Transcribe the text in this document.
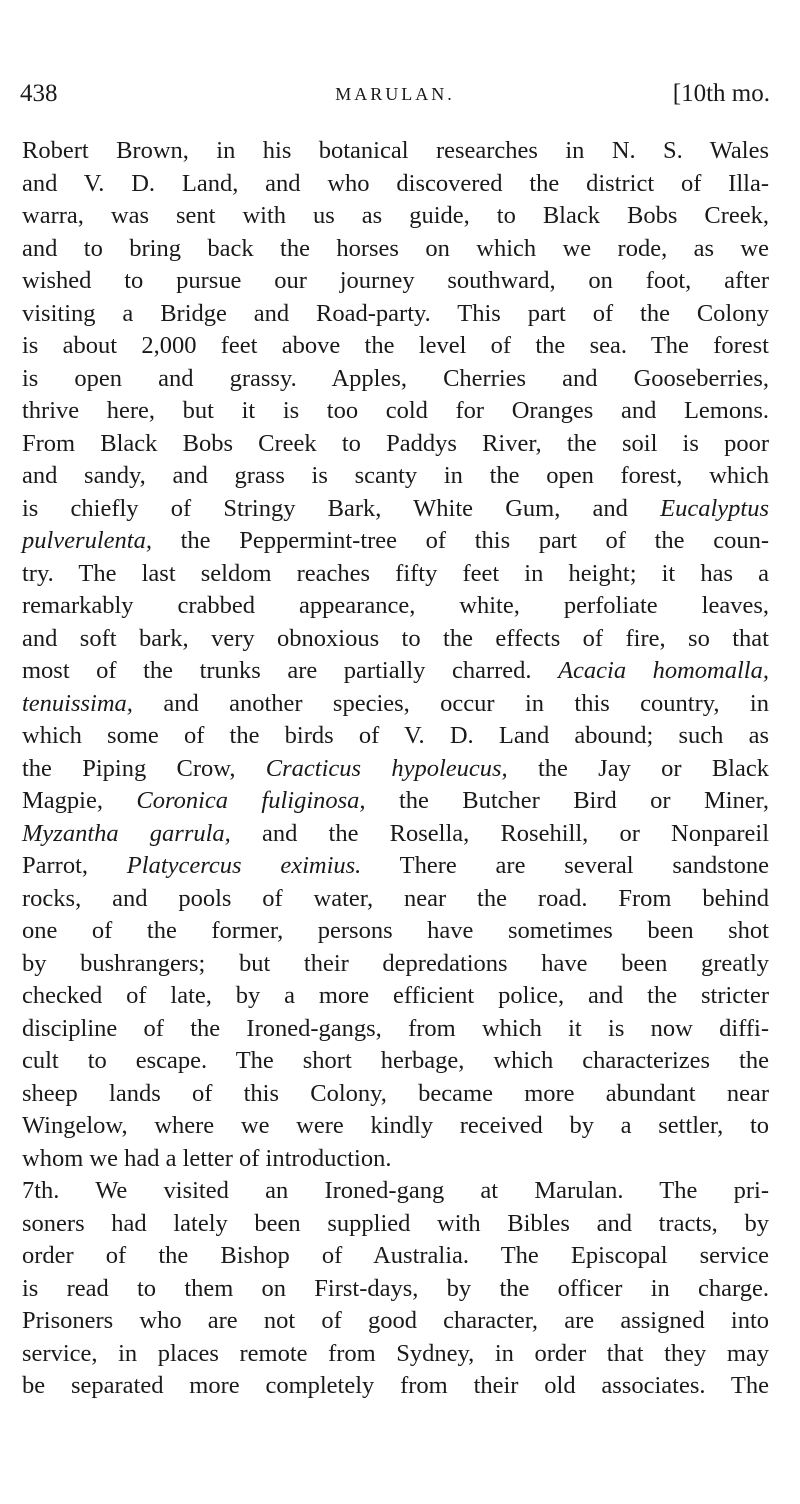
438	MARULAN.	[10th mo.
Robert Brown, in his botanical researches in N. S. Wales
and V. D. Land, and who discovered the district of Illa-
warra, was sent with us as guide, to Black Bobs Creek,
and to bring back the horses on which we rode, as we
wished to pursue our journey southward, on foot, after
visiting a Bridge and Road-party. This part of the Colony
is about 2,000 feet above the level of the sea. The forest
is open and grassy. Apples, Cherries and Gooseberries,
thrive here, but it is too cold for Oranges and Lemons.
From Black Bobs Creek to Paddys River, the soil is poor
and sandy, and grass is scanty in the open forest, which
is chiefly of Stringy Bark, White Gum, and Eucalyptus
pulverulenta, the Peppermint-tree of this part of the coun-
try. The last seldom reaches fifty feet in height; it has a
remarkably crabbed appearance, white, perfoliate leaves,
and soft bark, very obnoxious to the effects of fire, so that
most of the trunks are partially charred. Acacia homomalla,
tenuissima, and another species, occur in this country, in
which some of the birds of V. D. Land abound; such as
the Piping Crow, Cracticus hypoleucus, the Jay or Black
Magpie, Coronica fuliginosa, the Butcher Bird or Miner,
Myzantha garrula, and the Rosella, Rosehill, or Nonpareil
Parrot, Platycercus eximius. There are several sandstone
rocks, and pools of water, near the road. From behind
one of the former, persons have sometimes been shot
by bushrangers; but their depredations have been greatly
checked of late, by a more efficient police, and the stricter
discipline of the Ironed-gangs, from which it is now diffi-
cult to escape. The short herbage, which characterizes the
sheep lands of this Colony, became more abundant near
Wingelow, where we were kindly received by a settler, to
whom we had a letter of introduction.
7th. We visited an Ironed-gang at Marulan. The pri-
soners had lately been supplied with Bibles and tracts, by
order of the Bishop of Australia. The Episcopal service
is read to them on First-days, by the officer in charge.
Prisoners who are not of good character, are assigned into
service, in places remote from Sydney, in order that they may
be separated more completely from their old associates. The
